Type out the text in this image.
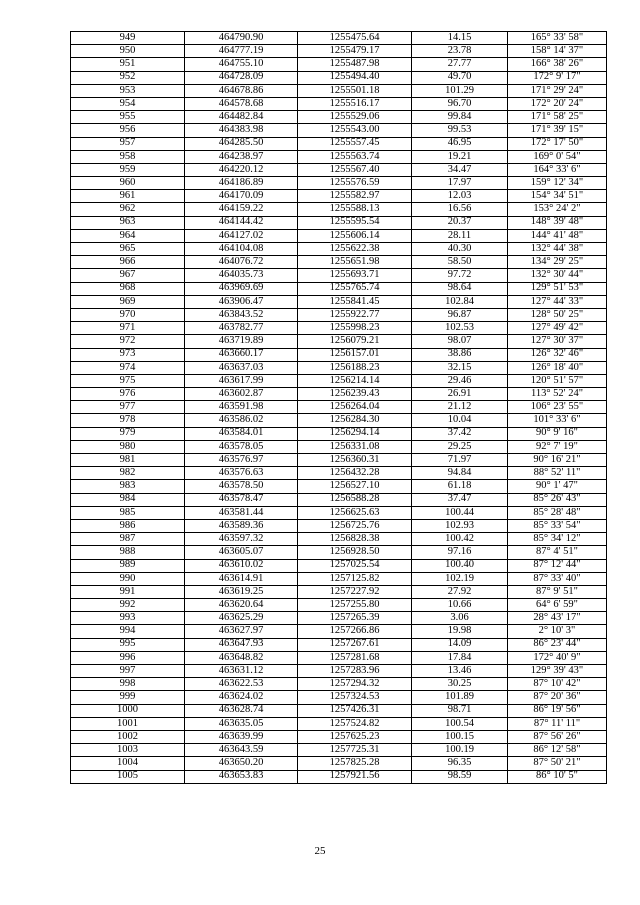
949	464790.90	1255475.64	14.15	165° 33' 58"
950	464777.19	1255479.17	23.78	158° 14' 37"
951	464755.10	1255487.98	27.77	166° 38' 26"
952	464728.09	1255494.40	49.70	172° 9' 17"
953	464678.86	1255501.18	101.29	171° 29' 24"
954	464578.68	1255516.17	96.70	172° 20' 24"
955	464482.84	1255529.06	99.84	171° 58' 25"
956	464383.98	1255543.00	99.53	171° 39' 15"
957	464285.50	1255557.45	46.95	172° 17' 50"
958	464238.97	1255563.74	19.21	169° 0' 54"
959	464220.12	1255567.40	34.47	164° 33' 6"
960	464186.89	1255576.59	17.97	159° 12' 34"
961	464170.09	1255582.97	12.03	154° 34' 51"
962	464159.22	1255588.13	16.56	153° 24' 2"
963	464144.42	1255595.54	20.37	148° 39' 48"
964	464127.02	1255606.14	28.11	144° 41' 48"
965	464104.08	1255622.38	40.30	132° 44' 38"
966	464076.72	1255651.98	58.50	134° 29' 25"
967	464035.73	1255693.71	97.72	132° 30' 44"
968	463969.69	1255765.74	98.64	129° 51' 53"
969	463906.47	1255841.45	102.84	127° 44' 33"
970	463843.52	1255922.77	96.87	128° 50' 25"
971	463782.77	1255998.23	102.53	127° 49' 42"
972	463719.89	1256079.21	98.07	127° 30' 37"
973	463660.17	1256157.01	38.86	126° 32' 46"
974	463637.03	1256188.23	32.15	126° 18' 40"
975	463617.99	1256214.14	29.46	120° 51' 57"
976	463602.87	1256239.43	26.91	113° 52' 24"
977	463591.98	1256264.04	21.12	106° 23' 55"
978	463586.02	1256284.30	10.04	101° 33' 6"
979	463584.01	1256294.14	37.42	90° 9' 16"
980	463578.05	1256331.08	29.25	92° 7' 19"
981	463576.97	1256360.31	71.97	90° 16' 21"
982	463576.63	1256432.28	94.84	88° 52' 11"
983	463578.50	1256527.10	61.18	90° 1' 47"
984	463578.47	1256588.28	37.47	85° 26' 43"
985	463581.44	1256625.63	100.44	85° 28' 48"
986	463589.36	1256725.76	102.93	85° 33' 54"
987	463597.32	1256828.38	100.42	85° 34' 12"
988	463605.07	1256928.50	97.16	87° 4' 51"
989	463610.02	1257025.54	100.40	87° 12' 44"
990	463614.91	1257125.82	102.19	87° 33' 40"
991	463619.25	1257227.92	27.92	87° 9' 51"
992	463620.64	1257255.80	10.66	64° 6' 59"
993	463625.29	1257265.39	3.06	28° 43' 17"
994	463627.97	1257266.86	19.98	2° 10' 3"
995	463647.93	1257267.61	14.09	86° 23' 44"
996	463648.82	1257281.68	17.84	172° 40' 9"
997	463631.12	1257283.96	13.46	129° 39' 43"
998	463622.53	1257294.32	30.25	87° 10' 42"
999	463624.02	1257324.53	101.89	87° 20' 36"
1000	463628.74	1257426.31	98.71	86° 19' 56"
1001	463635.05	1257524.82	100.54	87° 11' 11"
1002	463639.99	1257625.23	100.15	87° 56' 26"
1003	463643.59	1257725.31	100.19	86° 12' 58"
1004	463650.20	1257825.28	96.35	87° 50' 21"
1005	463653.83	1257921.56	98.59	86° 10' 5"
25
